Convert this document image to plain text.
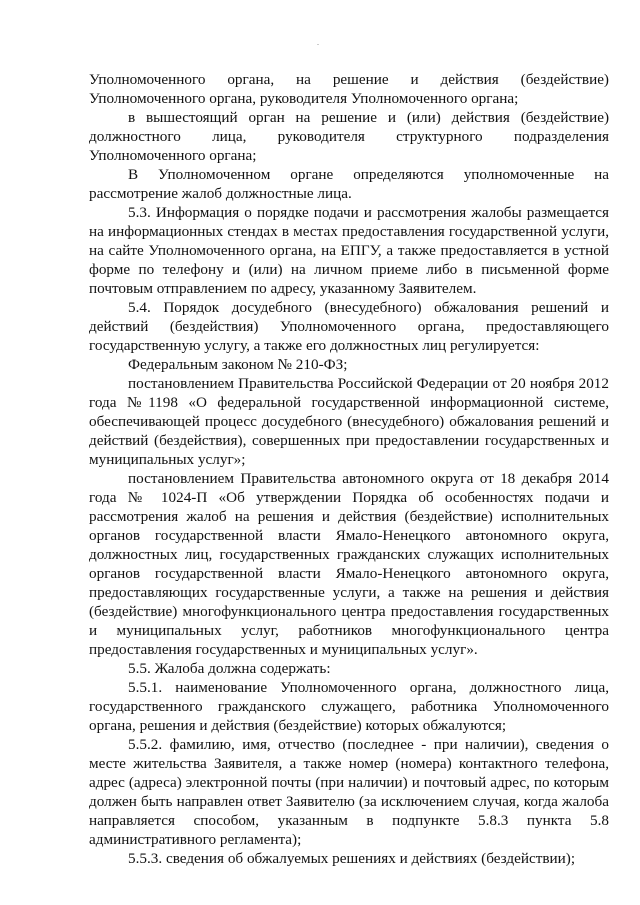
Уполномоченного органа, на решение и действия (бездействие) Уполномоченного органа, руководителя Уполномоченного органа;

в вышестоящий орган на решение и (или) действия (бездействие) должностного лица, руководителя структурного подразделения Уполномоченного органа;

В Уполномоченном органе определяются уполномоченные на рассмотрение жалоб должностные лица.

5.3. Информация о порядке подачи и рассмотрения жалобы размещается на информационных стендах в местах предоставления государственной услуги, на сайте Уполномоченного органа, на ЕПГУ, а также предоставляется в устной форме по телефону и (или) на личном приеме либо в письменной форме почтовым отправлением по адресу, указанному Заявителем.

5.4. Порядок досудебного (внесудебного) обжалования решений и действий (бездействия) Уполномоченного органа, предоставляющего государственную услугу, а также его должностных лиц регулируется:

Федеральным законом № 210-ФЗ;

постановлением Правительства Российской Федерации от 20 ноября 2012 года №1198 «О федеральной государственной информационной системе, обеспечивающей процесс досудебного (внесудебного) обжалования решений и действий (бездействия), совершенных при предоставлении государственных и муниципальных услуг»;

постановлением Правительства автономного округа от 18 декабря 2014 года № 1024-П «Об утверждении Порядка об особенностях подачи и рассмотрения жалоб на решения и действия (бездействие) исполнительных органов государственной власти Ямало-Ненецкого автономного округа, должностных лиц, государственных гражданских служащих исполнительных органов государственной власти Ямало-Ненецкого автономного округа, предоставляющих государственные услуги, а также на решения и действия (бездействие) многофункционального центра предоставления государственных и муниципальных услуг, работников многофункционального центра предоставления государственных и муниципальных услуг».

5.5. Жалоба должна содержать:

5.5.1. наименование Уполномоченного органа, должностного лица, государственного гражданского служащего, работника Уполномоченного органа, решения и действия (бездействие) которых обжалуются;

5.5.2. фамилию, имя, отчество (последнее - при наличии), сведения о месте жительства Заявителя, а также номер (номера) контактного телефона, адрес (адреса) электронной почты (при наличии) и почтовый адрес, по которым должен быть направлен ответ Заявителю (за исключением случая, когда жалоба направляется способом, указанным в подпункте 5.8.3 пункта 5.8 административного регламента);

5.5.3. сведения об обжалуемых решениях и действиях (бездействии);
